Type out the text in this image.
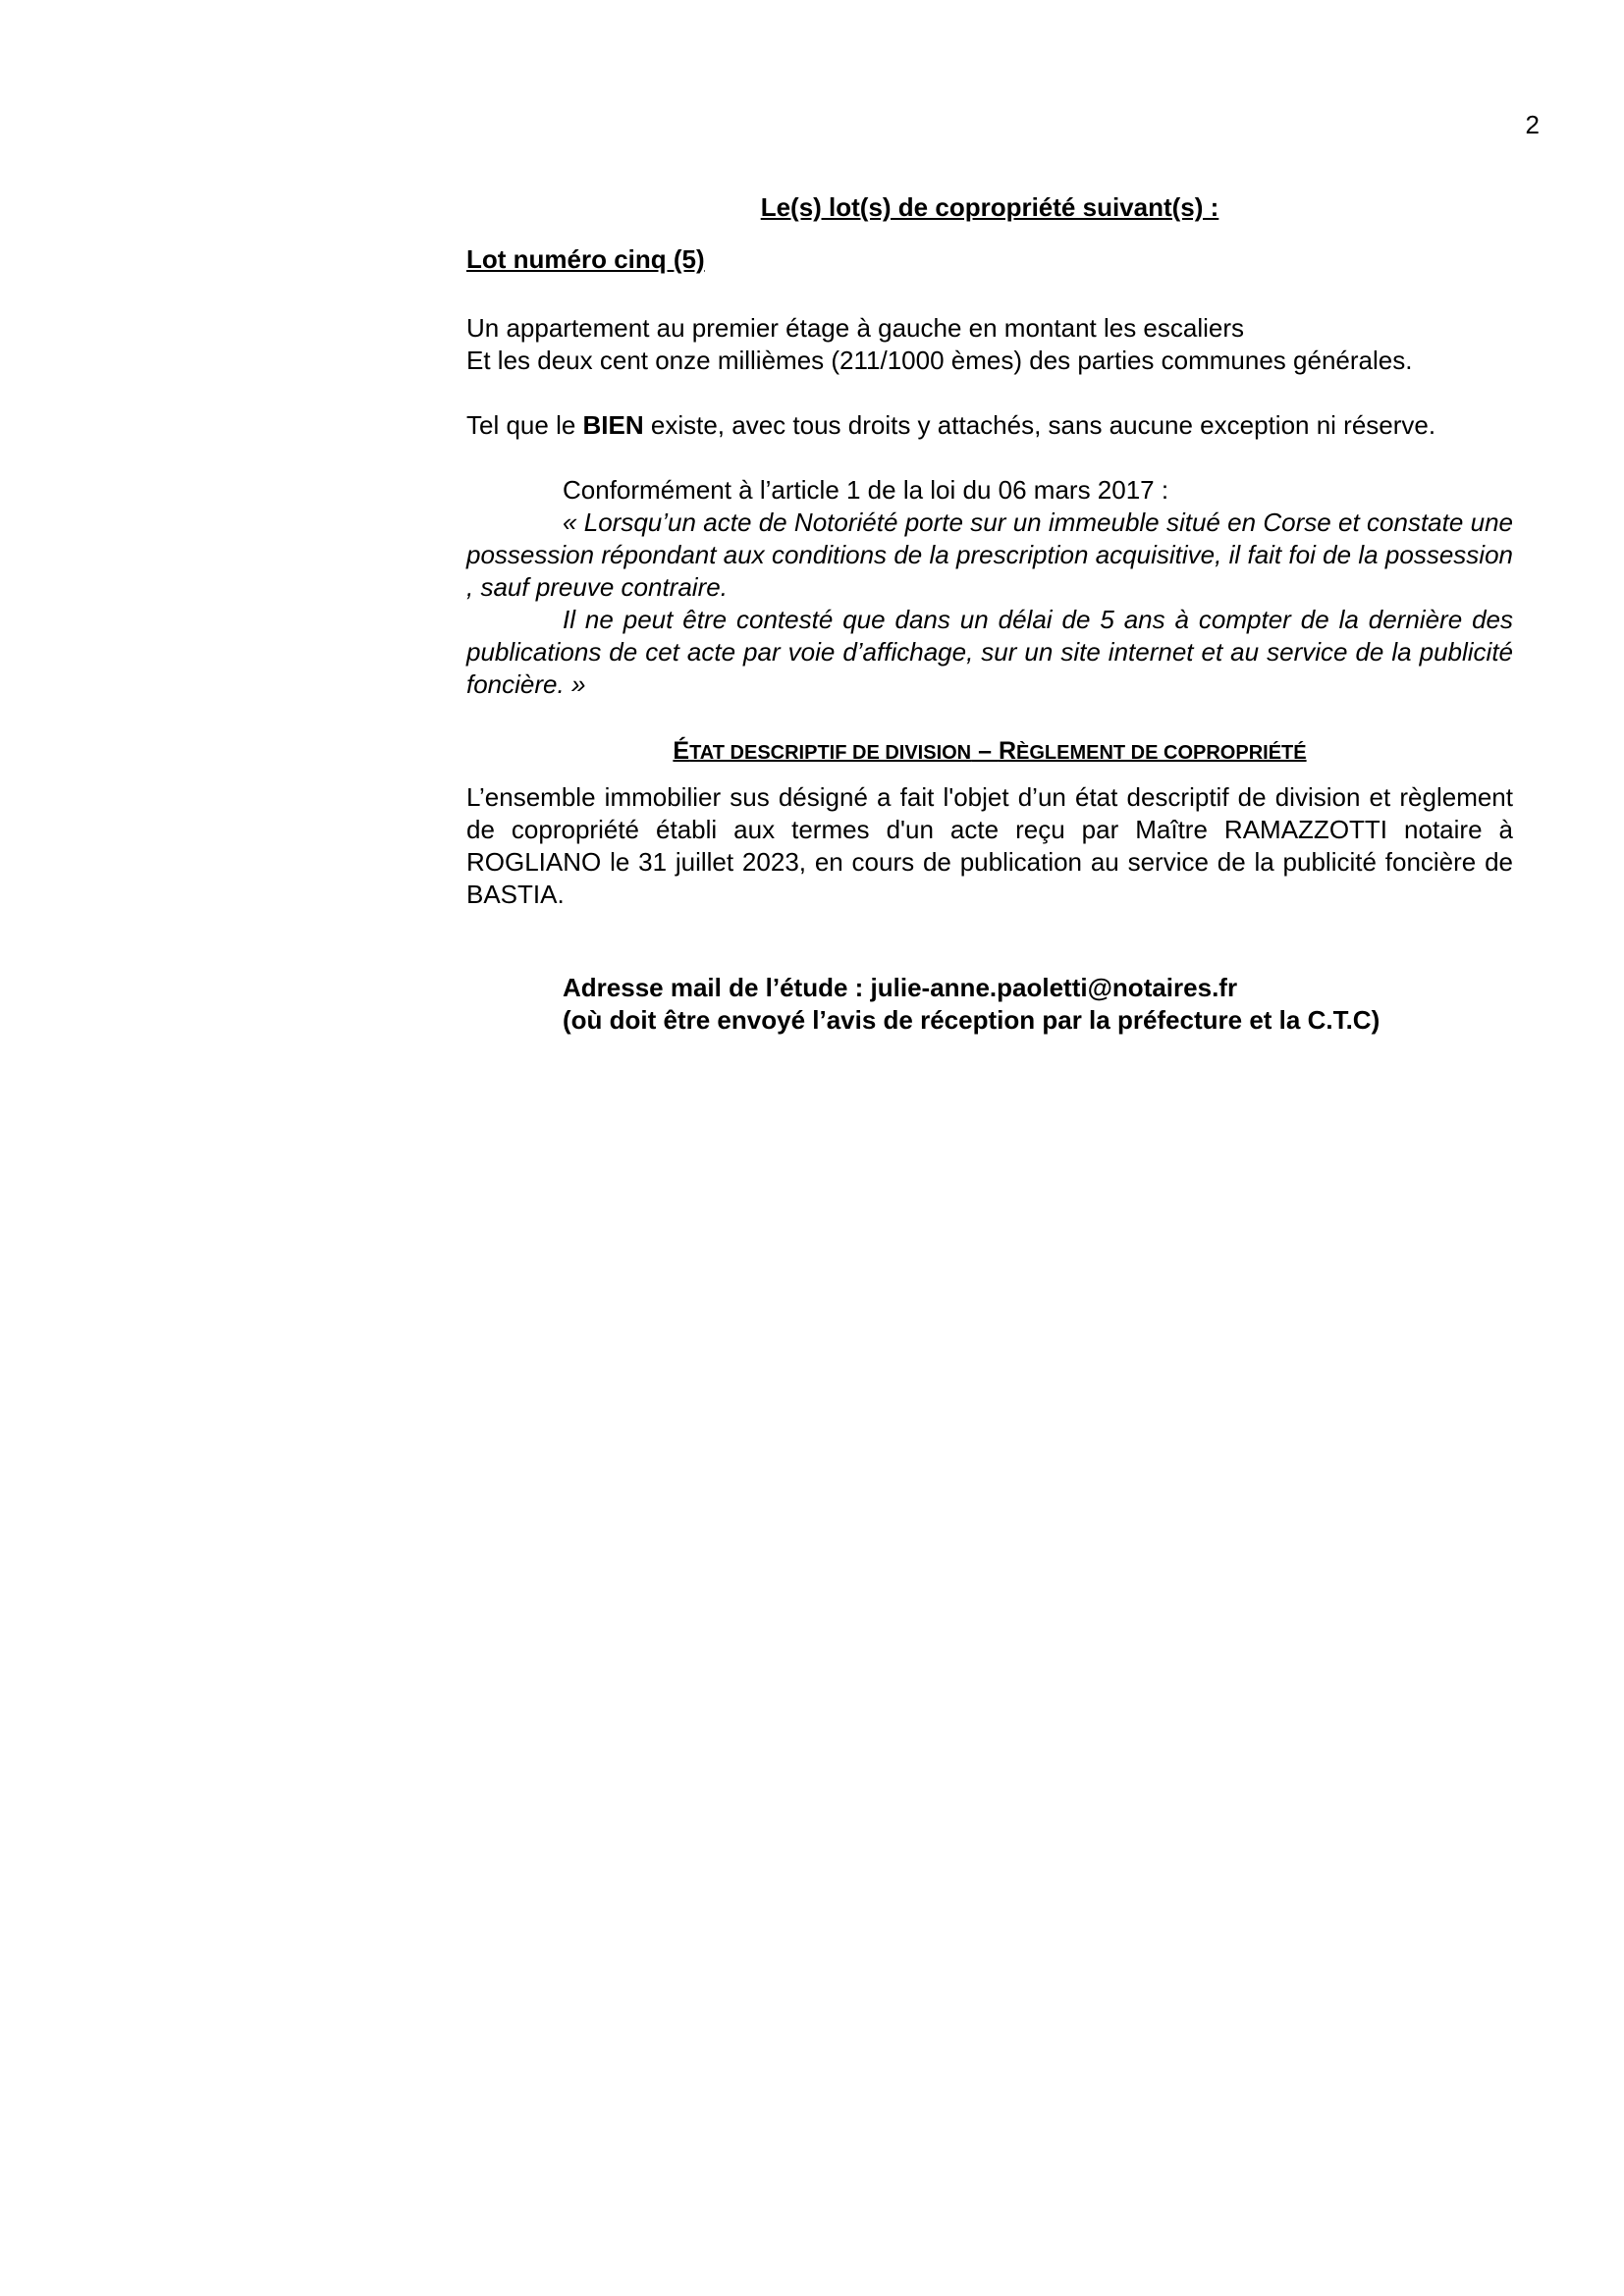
2
Le(s) lot(s) de copropriété suivant(s) :
Lot numéro cinq (5)

Un appartement au premier étage à gauche en montant les escaliers

Et les deux cent onze millièmes (211/1000 èmes) des parties communes générales.

Tel que le BIEN existe, avec tous droits y attachés, sans aucune exception ni réserve.

Conformément à l’article 1 de la loi du 06 mars 2017 :

« Lorsqu’un acte de Notoriété porte sur un immeuble situé en Corse et constate une possession répondant aux conditions de la prescription acquisitive, il fait foi de la possession , sauf preuve contraire.

Il ne peut être contesté que dans un délai de 5 ans à compter de la dernière des publications de cet acte par voie d’affichage, sur un site internet et au service de la publicité foncière. »

ÉTAT DESCRIPTIF DE DIVISION – RÈGLEMENT DE COPROPRIÉTÉ

L’ensemble immobilier sus désigné a fait l'objet d’un état descriptif de division et règlement de copropriété établi aux termes d'un acte reçu par Maître RAMAZZOTTI notaire à ROGLIANO le 31 juillet 2023, en cours de publication au service de la publicité foncière de BASTIA.

Adresse mail de l’étude : julie-anne.paoletti@notaires.fr

(où doit être envoyé l’avis de réception par la préfecture et la C.T.C)
